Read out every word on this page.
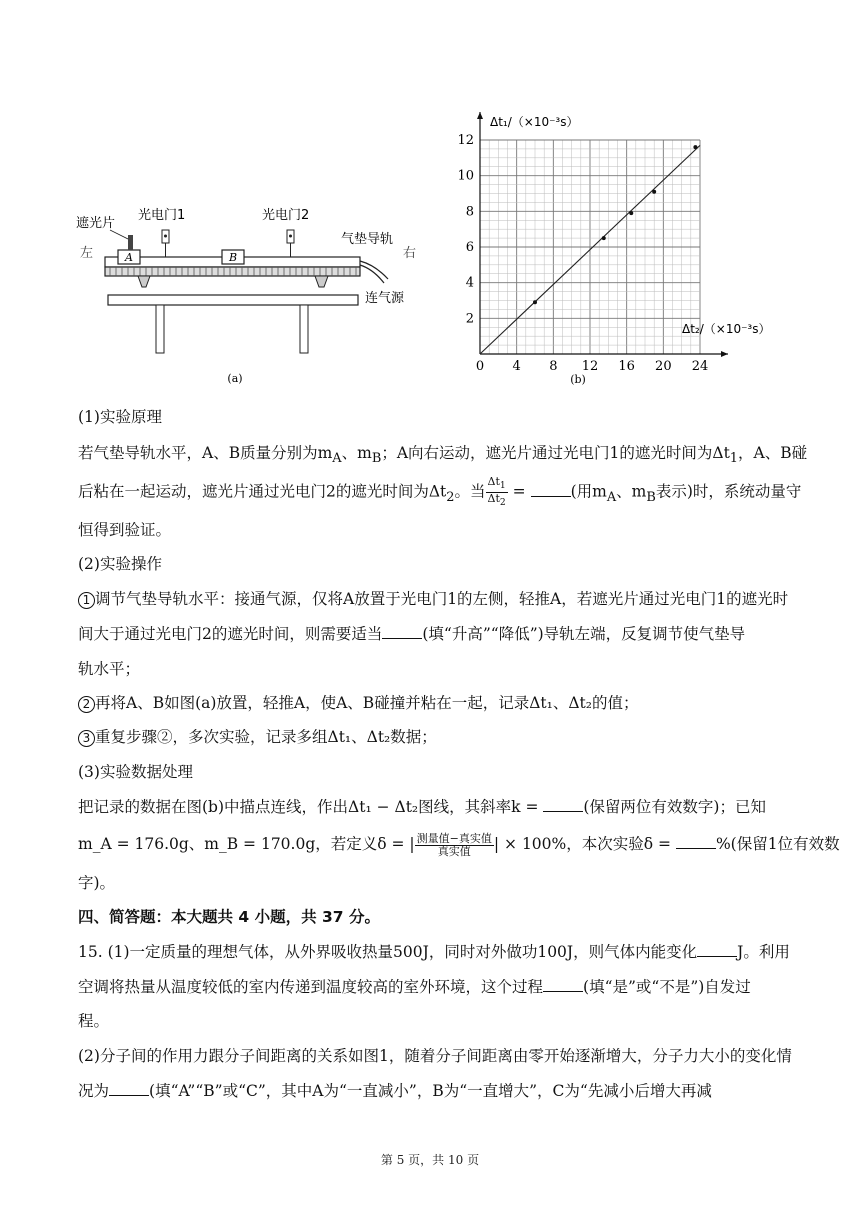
A	B
遮光片
光电门1	光电门2
气垫导轨
左	右
连气源
(a)
0 4 8 12 16 20 24
2
4
6
8
10
12
Δt₁/（×10⁻³s）
Δt₂/（×10⁻³s）
(b)
(1)实验原理
若气垫导轨水平，A、B质量分别为$m_A$、$m_B$；A向右运动，遮光片通过光电门1的遮光时间为$\Delta t_1$，A、B碰
后粘在一起运动，遮光片通过光电门2的遮光时间为$\Delta t_2$。当 $\frac{\Delta t_1}{\Delta t_2}$ =	(用$m_A$、$m_B$表示)时，系统动量守
恒得到验证。
(2)实验操作
1 调节气垫导轨水平：接通气源，仅将A放置于光电门1的左侧，轻推A，若遮光片通过光电门1的遮光时
间大于通过光电门2的遮光时间，则需要适当	(填“升高”“降低”)导轨左端，反复调节使气垫导
轨水平；
2 再将A、B如图(a)放置，轻推A，使A、B碰撞并粘在一起，记录Δt₁、Δt₂的值；
3 重复步骤②，多次实验，记录多组Δt₁、Δt₂数据；
(3)实验数据处理
把记录的数据在图(b)中描点连线，作出Δt₁ − Δt₂图线，其斜率k =	(保留两位有效数字)；已知
m_A = 176.0g、m_B = 170.0g，若定义δ = | $\frac{\text{测量值−真实值}}{\text{真实值}}$ | × 100%，本次实验δ =	%(保留1位有效数
字)。
四、简答题：本大题共 4 小题，共 37 分。
15. (1)一定质量的理想气体，从外界吸收热量500J，同时对外做功100J，则气体内能变化	J。利用
空调将热量从温度较低的室内传递到温度较高的室外环境，这个过程	(填“是”或“不是”)自发过
程。
(2)分子间的作用力跟分子间距离的关系如图1，随着分子间距离由零开始逐渐增大，分子力大小的变化情
况为	(填“A”“B”或“C”，其中A为“一直减小”，B为“一直增大”，C为“先减小后增大再减
第 5 页，共 10 页
